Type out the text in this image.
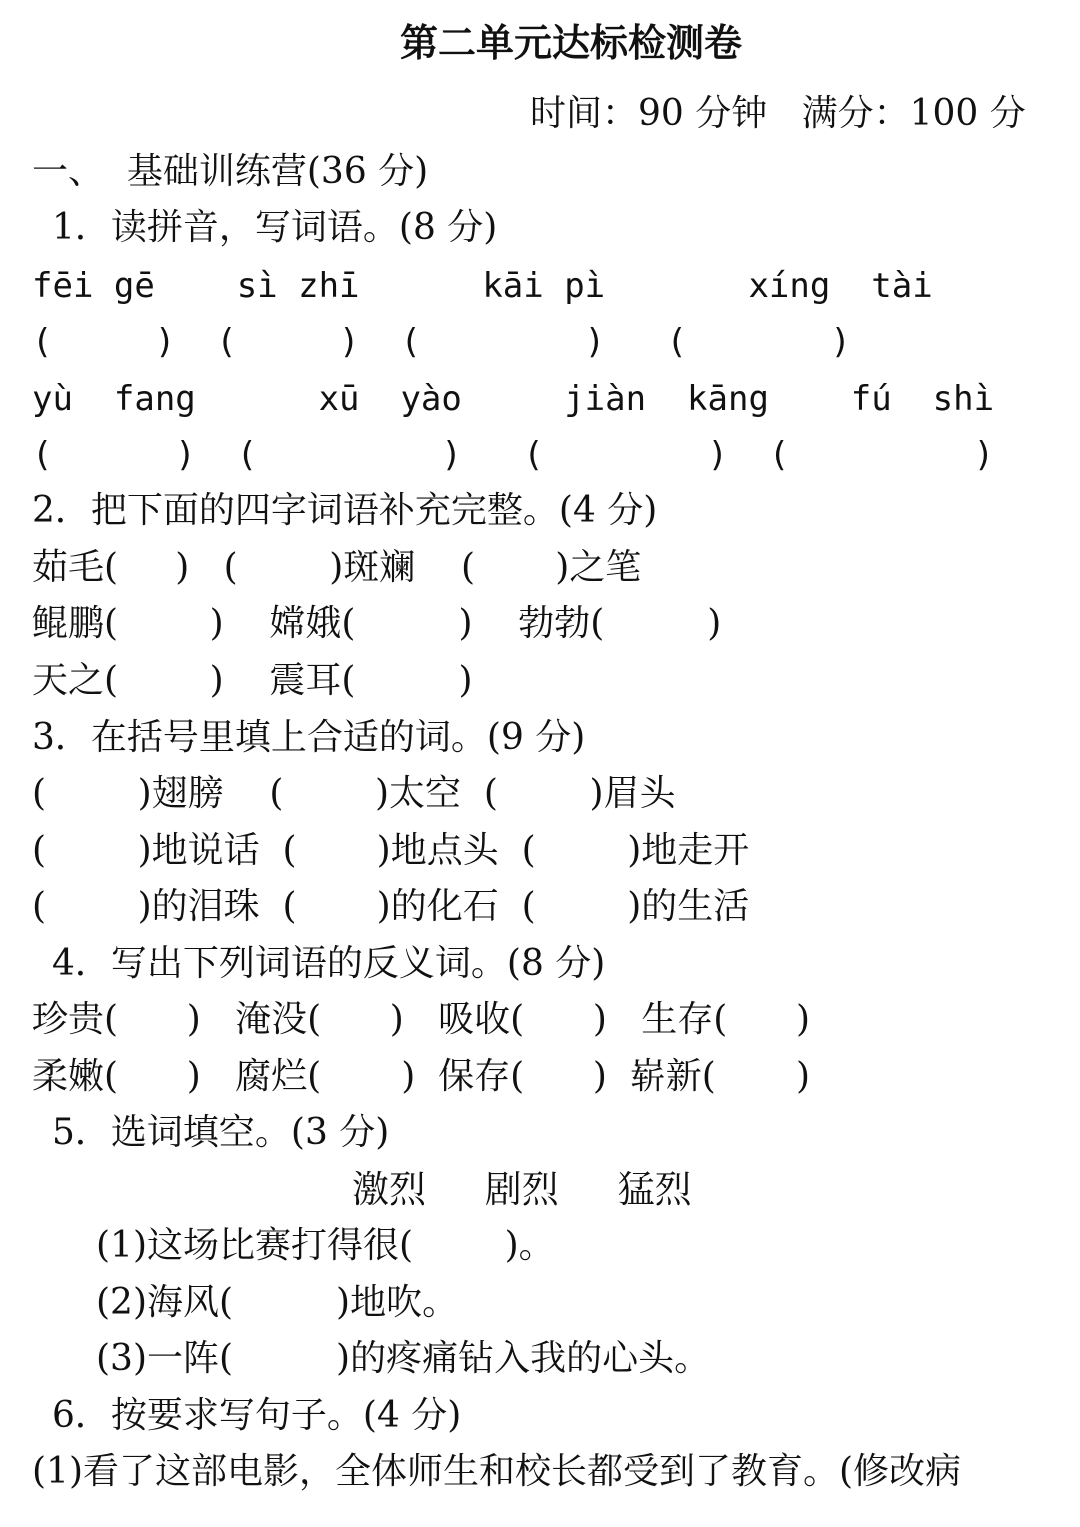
第二单元达标检测卷
时间：90 分钟   满分：100 分
一、  基础训练营(36 分)
1．读拼音，写词语。(8 分)
fēi gē    sì zhī      kāi pì       xíng  tài
(     )  (     )  (        )   (       )
yù  fang      xū  yào     jiàn  kāng    fú  shì
(      )  (         )   (        )  (         )
2．把下面的四字词语补充完整。(4 分)
茹毛(     )   (        )斑斓    (       )之笔
鲲鹏(        )    嫦娥(         )    勃勃(         )
天之(        )    震耳(         )
3．在括号里填上合适的词。(9 分)
(        )翅膀    (        )太空  (        )眉头
(        )地说话  (       )地点头  (        )地走开
(        )的泪珠  (       )的化石  (        )的生活
4．写出下列词语的反义词。(8 分)
珍贵(      )   淹没(      )   吸收(      )   生存(      )
柔嫩(      )   腐烂(       )  保存(      )  崭新(       )
5．选词填空。(3 分)
激烈     剧烈     猛烈
(1)这场比赛打得很(        )。
(2)海风(         )地吹。
(3)一阵(         )的疼痛钻入我的心头。
6．按要求写句子。(4 分)
(1)看了这部电影，全体师生和校长都受到了教育。(修改病
